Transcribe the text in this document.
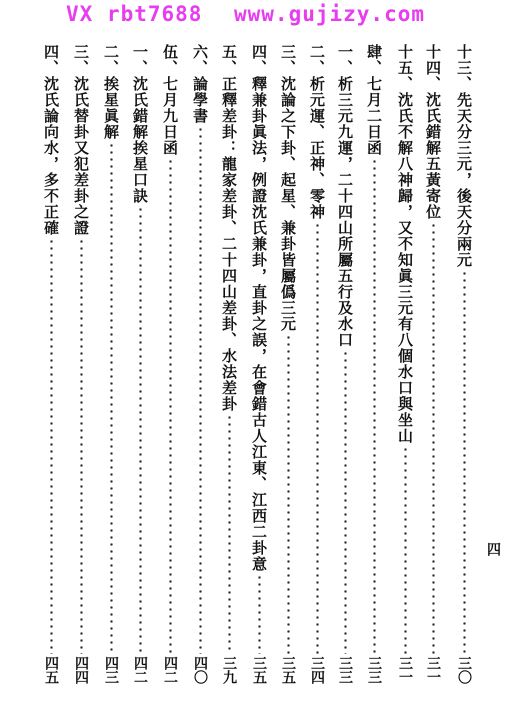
VX rbt7688 www.gujizy.com
十三、先天分三元，後天分兩元
三〇
十四、沈氏錯解五黃寄位
三一
十五、沈氏不解八神歸，又不知眞三元有八個水口與坐山
三一
肆、七月二日函
三三
一、析三元九運，二十四山所屬五行及水口
三三
二、析元運、正神、零神
三四
三、沈論之下卦、起星、兼卦皆屬僞三元
三五
四、釋兼卦眞法，例證沈氏兼卦，直卦之誤，在會錯古人江東、江西二卦意
三五
五、正釋差卦：龍家差卦、二十四山差卦、水法差卦
三九
六、論學書
四〇
伍、七月九日函
四二
一、沈氏錯解挨星口訣
四二
二、挨星眞解
四三
三、沈氏替卦又犯差卦之證
四四
四、沈氏論向水，多不正確
四五
四
